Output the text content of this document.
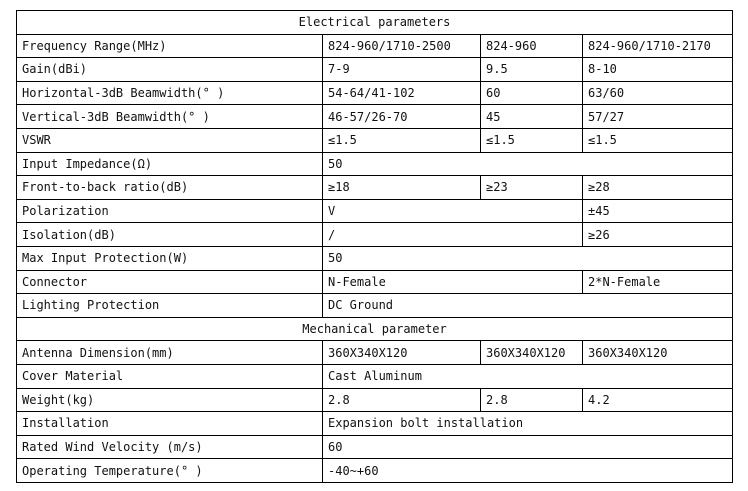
Electrical parameters			
Frequency Range(MHz)	824-960/1710-2500	824-960	824-960/1710-2170
Gain(dBi)	7-9	9.5	8-10
Horizontal-3dB Beamwidth(° )	54-64/41-102	60	63/60
Vertical-3dB Beamwidth(° )	46-57/26-70	45	57/27
VSWR	≤1.5	≤1.5	≤1.5
Input Impedance(Ω)	50		
Front-to-back ratio(dB)	≥18	≥23	≥28
Polarization	V		±45
Isolation(dB)	/		≥26
Max Input Protection(W)	50		
Connector	N-Female		2*N-Female
Lighting Protection	DC Ground		
Mechanical parameter			
Antenna Dimension(mm)	360X340X120	360X340X120	360X340X120
Cover Material	Cast Aluminum		
Weight(kg)	2.8	2.8	4.2
Installation	Expansion bolt installation		
Rated Wind Velocity (m/s)	60		
Operating Temperature(° )	-40~+60		
